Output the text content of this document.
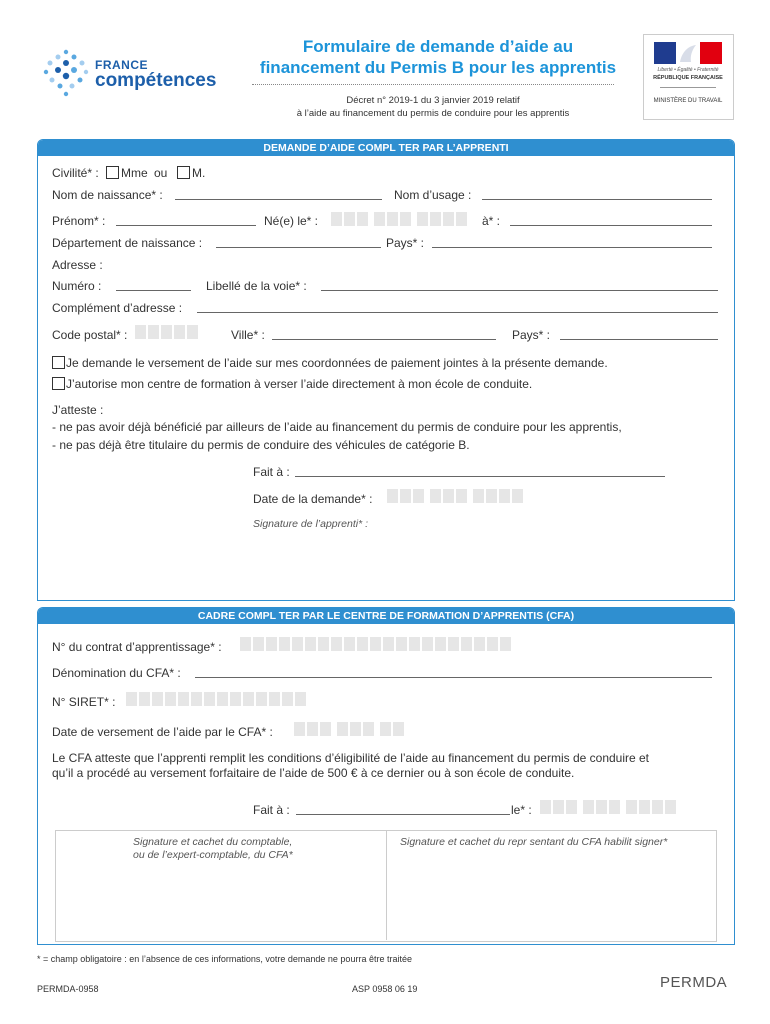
FRANCE
compétences
Formulaire de demande d’aide au
financement du Permis B pour les apprentis
Décret n° 2019-1 du 3 janvier 2019 relatif
à l’aide au financement du permis de conduire pour les apprentis
Liberté • Égalité • Fraternité
RÉPUBLIQUE FRANÇAISE
MINISTÈRE DU TRAVAIL
DEMANDE D’AIDE COMPL TER PAR L’APPRENTI
Civilité* : Mme ou M.
Nom de naissance* :	Nom d’usage :
Prénom* :	Né(e) le* :	à* :
Département de naissance :	Pays* :
Adresse :
Numéro :	Libellé de la voie* :
Complément d’adresse :
Code postal* :	Ville* :	Pays* :
Je demande le versement de l’aide sur mes coordonnées de paiement jointes à la présente demande.
J’autorise mon centre de formation à verser l’aide directement à mon école de conduite.
J’atteste :
- ne pas avoir déjà bénéficié par ailleurs de l’aide au financement du permis de conduire pour les apprentis,
- ne pas déjà être titulaire du permis de conduire des véhicules de catégorie B.
Fait à :
Date de la demande* :
Signature de l’apprenti* :
CADRE COMPL TER PAR LE CENTRE DE FORMATION D’APPRENTIS (CFA)
N° du contrat d’apprentissage* :
Dénomination du CFA* :
N° SIRET* :
Date de versement de l’aide par le CFA* :
Le CFA atteste que l’apprenti remplit les conditions d’éligibilité de l’aide au financement du permis de conduire et
qu’il a procédé au versement forfaitaire de l’aide de 500 € à ce dernier ou à son école de conduite.
Fait à :	le* :
Signature et cachet du comptable,
ou de l’expert-comptable, du CFA*
Signature et cachet du repr sentant du CFA habilit signer*
* = champ obligatoire : en l’absence de ces informations, votre demande ne pourra être traitée
PERMDA-0958	ASP 0958 06 19	PERMDA
